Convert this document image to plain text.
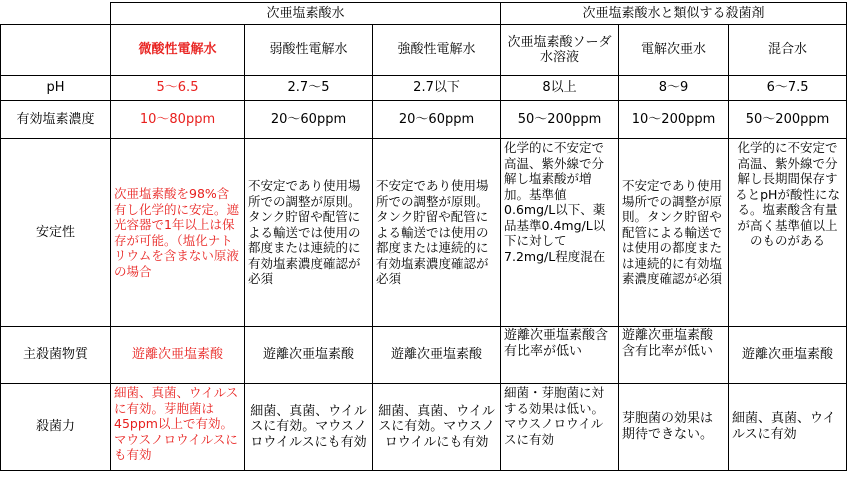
	次亜塩素酸水			次亜塩素酸水と類似する殺菌剤		
	微酸性電解水	弱酸性電解水	強酸性電解水	次亜塩素酸ソーダ水溶液	電解次亜水	混合水
pH	5～6.5	2.7～5	2.7以下	8以上	8～9	6～7.5
有効塩素濃度	10～80ppm	20～60ppm	20～60ppm	50～200ppm	10～200ppm	50～200ppm
安定性	次亜塩素酸を98%含有し化学的に安定。遮光容器で1年以上は保存が可能。（塩化ナトリウムを含まない原液の場合	不安定であり使用場所での調整が原則。タンク貯留や配管による輸送では使用の都度または連続的に有効塩素濃度確認が必須	不安定であり使用場所での調整が原則。タンク貯留や配管による輸送では使用の都度または連続的に有効塩素濃度確認が必須	化学的に不安定で高温、紫外線で分解し塩素酸が増加。基準値0.6mg/L以下、薬品基準0.4mg/L以下に対して7.2mg/L程度混在	不安定であり使用場所での調整が原則。タンク貯留や配管による輸送では使用の都度または連続的に有効塩素濃度確認が必須	化学的に不安定で高温、紫外線で分解し長期間保存するとpHが酸性になる。塩素酸含有量が高く基準値以上のものがある
主殺菌物質	遊離次亜塩素酸	遊離次亜塩素酸	遊離次亜塩素酸	遊離次亜塩素酸含有比率が低い	遊離次亜塩素酸含有比率が低い	遊離次亜塩素酸
殺菌力	細菌、真菌、ウイルスに有効。芽胞菌は45ppm以上で有効。マウスノロウイルスにも有効	細菌、真菌、ウイルスに有効。マウスノロウイルスにも有効	細菌、真菌、ウイルスに有効。マウスノロウイルにも有効	細菌・芽胞菌に対する効果は低い。マウスノロウイルスに有効	芽胞菌の効果は期待できない。	細菌、真菌、ウイルスに有効
